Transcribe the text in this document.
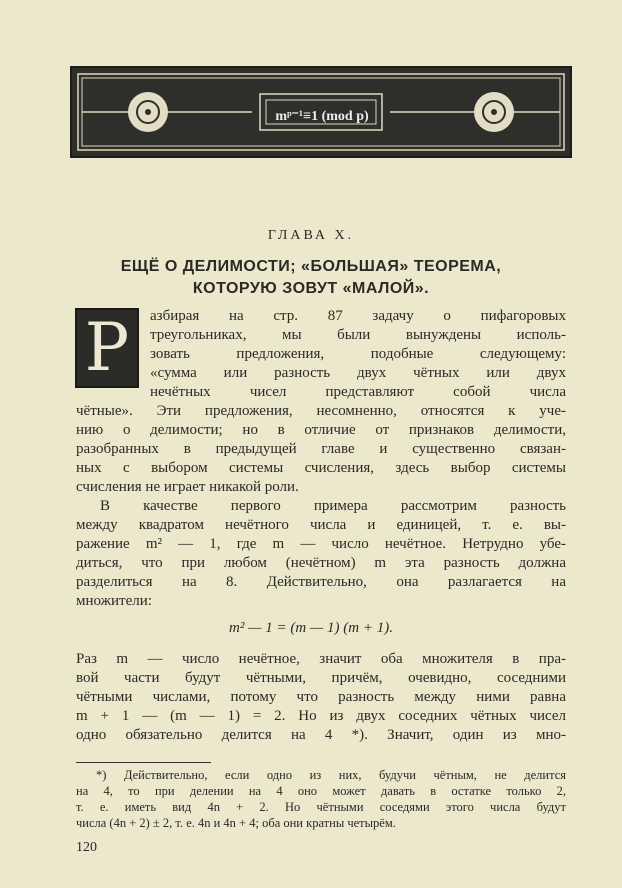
mᵖ⁻¹≡1 (mod p)
ГЛАВА X.
ЕЩЁ О ДЕЛИМОСТИ; «БОЛЬШАЯ» ТЕОРЕМА,
КОТОРУЮ ЗОВУТ «МАЛОЙ».
Р	азбирая на стр. 87 задачу о пифагоровых
треугольниках, мы были вынуждены исполь-
зовать предложения, подобные следующему:
«сумма или разность двух чётных или двух
нечётных чисел представляют собой числа
чётные». Эти предложения, несомненно, относятся к уче-
нию о делимости; но в отличие от признаков делимости,
разобранных в предыдущей главе и существенно связан-
ных с выбором системы счисления, здесь выбор системы
счисления не играет никакой роли.
В качестве первого примера рассмотрим разность
между квадратом нечётного числа и единицей, т. е. вы-
ражение m² — 1, где m — число нечётное. Нетрудно убе-
диться, что при любом (нечётном) m эта разность должна
разделиться на 8. Действительно, она разлагается на
множители:
m² — 1 = (m — 1) (m + 1).
Раз m — число нечётное, значит оба множителя в пра-
вой части будут чётными, причём, очевидно, соседними
чётными числами, потому что разность между ними равна
m + 1 — (m — 1) = 2. Но из двух соседних чётных чисел
одно обязательно делится на 4 *). Значит, один из мно-
*) Действительно, если одно из них, будучи чётным, не делится
на 4, то при делении на 4 оно может давать в остатке только 2,
т. е. иметь вид 4n + 2. Но чётными соседями этого числа будут
числа (4n + 2) ± 2, т. е. 4n и 4n + 4; оба они кратны четырём.
120
